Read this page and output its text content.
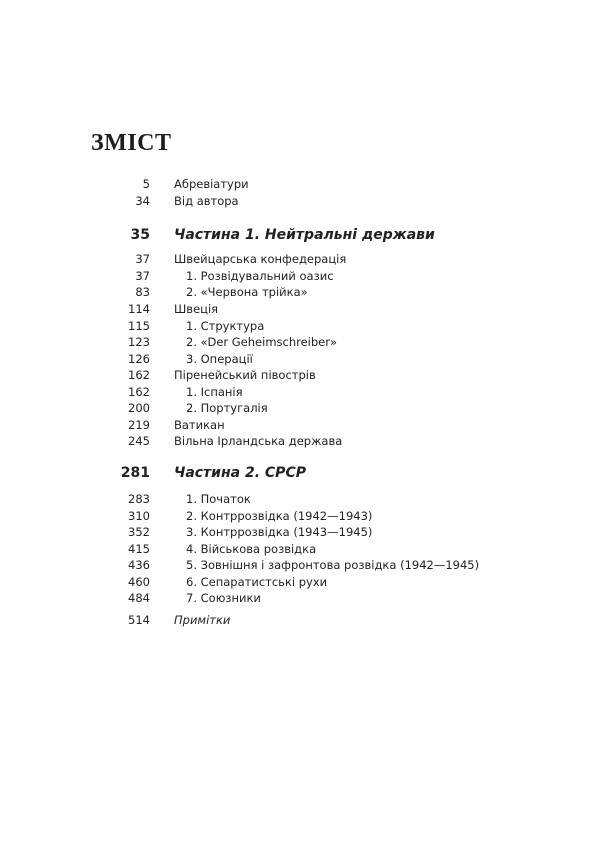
ЗМІСТ
5 Абревіатури
34 Від автора
35 Частина 1. Нейтральні держави
37 Швейцарська конфедерація
37	1. Розвідувальний оазис
83	2. «Червона трійка»
114 Швеція
115	1. Структура
123	2. «Der Geheimschreiber»
126	3. Операції
162 Піренейський півострів
162	1. Іспанія
200	2. Португалія
219 Ватикан
245 Вільна Ірландська держава
281 Частина 2. СРСР
283	1. Початок
310	2. Контррозвідка (1942—1943)
352	3. Контррозвідка (1943—1945)
415	4. Військова розвідка
436	5. Зовнішня і зафронтова розвідка (1942—1945)
460	6. Сепаратистські рухи
484	7. Союзники
514 Примітки
